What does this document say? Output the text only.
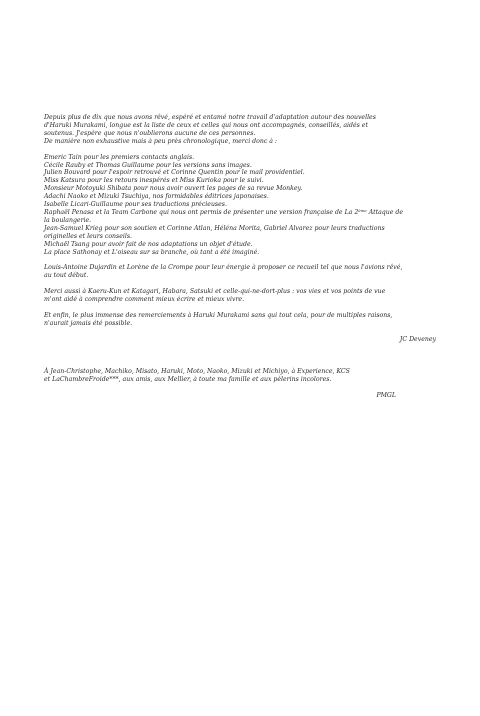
Depuis plus de dix que nous avons rêvé, espéré et entamé notre travail d'adaptation autour des nouvelles
d'Haruki Murakami, longue est la liste de ceux et celles qui nous ont accompagnés, conseillés, aidés et
soutenus. J'espère que nous n'oublierons aucune de ces personnes.
De manière non exhaustive mais à peu près chronologique, merci donc à :
Emeric Tain pour les premiers contacts anglais.
Cécile Rauby et Thomas Guillaume pour les versions sans images.
Julien Bouvard pour l'espoir retrouvé et Corinne Quentin pour le mail providentiel.
Miss Katsura pour les retours inespérés et Miss Kurioka pour le suivi.
Monsieur Motoyuki Shibata pour nous avoir ouvert les pages de sa revue Monkey.
Adachi Naoko et Mizuki Tsuchiya, nos formidables éditrices japonaises.
Isabelle Licari-Guillaume pour ses traductions précieuses.
Raphaël Penasa et la Team Carbone qui nous ont permis de présenter une version française de La 2ème Attaque de
la boulangerie.
Jean-Samuel Krieg pour son soutien et Corinne Atlan, Héléna Morita, Gabriel Alvarez pour leurs traductions
originelles et leurs conseils.
Michaël Tsang pour avoir fait de nos adaptations un objet d'étude.
La place Sathonay et L'oiseau sur sa branche, où tant a été imaginé.
Louis-Antoine Dujardin et Lorène de la Crompe pour leur énergie à proposer ce recueil tel que nous l'avions rêvé,
au tout début.
Merci aussi à Kaeru-Kun et Katagari, Habara, Satsuki et celle-qui-ne-dort-plus : vos vies et vos points de vue
m'ont aidé à comprendre comment mieux écrire et mieux vivre.
Et enfin, le plus immense des remerciements à Haruki Murakami sans qui tout cela, pour de multiples raisons,
n'aurait jamais été possible.
JC Deveney
À Jean-Christophe, Machiko, Misato, Haruki, Moto, Naoko, Mizuki et Michiyo, à Experience, KCS
et LaChambreFroide***, aux amis, aux Mellier, à toute ma famille et aux pèlerins incolores.
PMGL
